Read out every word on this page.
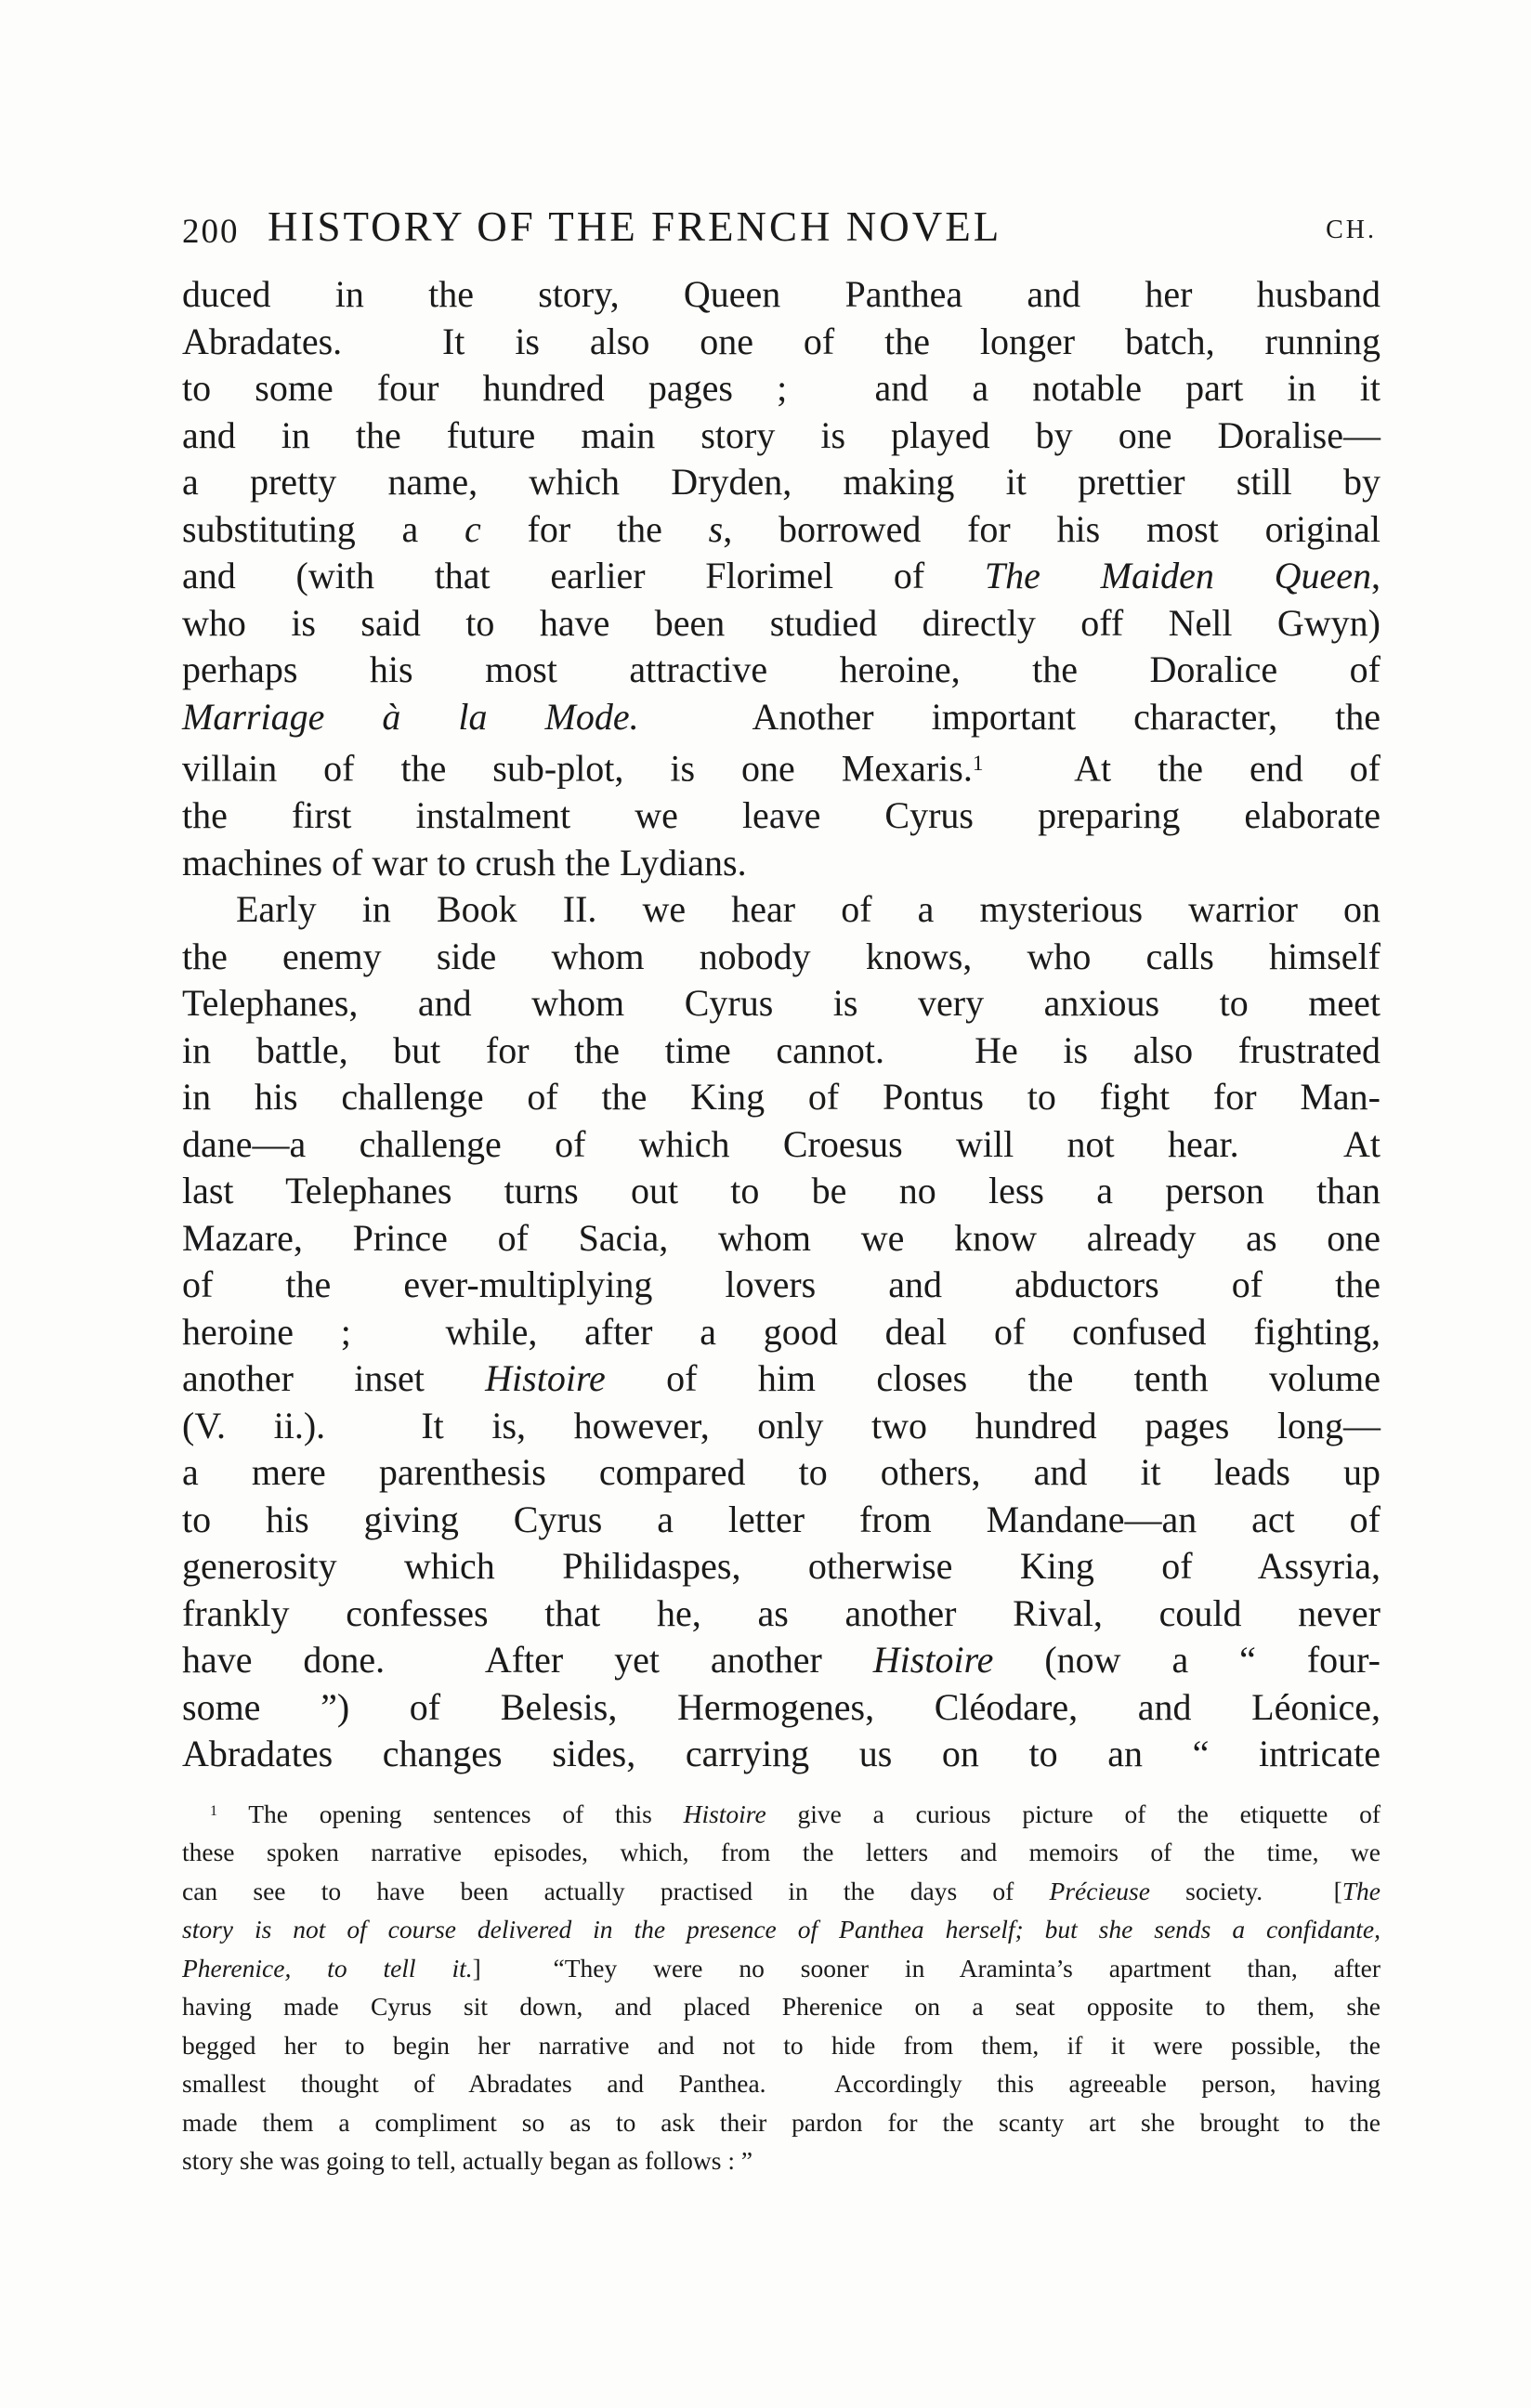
200 HISTORY OF THE FRENCH NOVEL	CH.
duced in the story, Queen Panthea and her husband
Abradates.  It is also one of the longer batch, running
to some four hundred pages ;  and a notable part in it
and in the future main story is played by one Doralise—
a pretty name, which Dryden, making it prettier still by
substituting a c for the s, borrowed for his most original
and (with that earlier Florimel of The Maiden Queen,
who is said to have been studied directly off Nell Gwyn)
perhaps his most attractive heroine, the Doralice of
Marriage à la Mode.  Another important character, the
villain of the sub-plot, is one Mexaris.$^1$  At the end of
the first instalment we leave Cyrus preparing elaborate
machines of war to crush the Lydians.
Early in Book II. we hear of a mysterious warrior on
the enemy side whom nobody knows, who calls himself
Telephanes, and whom Cyrus is very anxious to meet
in battle, but for the time cannot.  He is also frustrated
in his challenge of the King of Pontus to fight for Man-
dane—a challenge of which Croesus will not hear.  At
last Telephanes turns out to be no less a person than
Mazare, Prince of Sacia, whom we know already as one
of the ever-multiplying lovers and abductors of the
heroine ;  while, after a good deal of confused fighting,
another inset Histoire of him closes the tenth volume
(V. ii.).  It is, however, only two hundred pages long—
a mere parenthesis compared to others, and it leads up
to his giving Cyrus a letter from Mandane—an act of
generosity which Philidaspes, otherwise King of Assyria,
frankly confesses that he, as another Rival, could never
have done.  After yet another Histoire (now a “ four-
some ”) of Belesis, Hermogenes, Cléodare, and Léonice,
Abradates changes sides, carrying us on to an “ intricate
$^1$ The opening sentences of this Histoire give a curious picture of the etiquette of
these spoken narrative episodes, which, from the letters and memoirs of the time, we
can see to have been actually practised in the days of Précieuse society.  [The
story is not of course delivered in the presence of Panthea herself; but she sends a confidante,
Pherenice, to tell it.]  “They were no sooner in Araminta’s apartment than, after
having made Cyrus sit down, and placed Pherenice on a seat opposite to them, she
begged her to begin her narrative and not to hide from them, if it were possible, the
smallest thought of Abradates and Panthea.  Accordingly this agreeable person, having
made them a compliment so as to ask their pardon for the scanty art she brought to the
story she was going to tell, actually began as follows : ”
